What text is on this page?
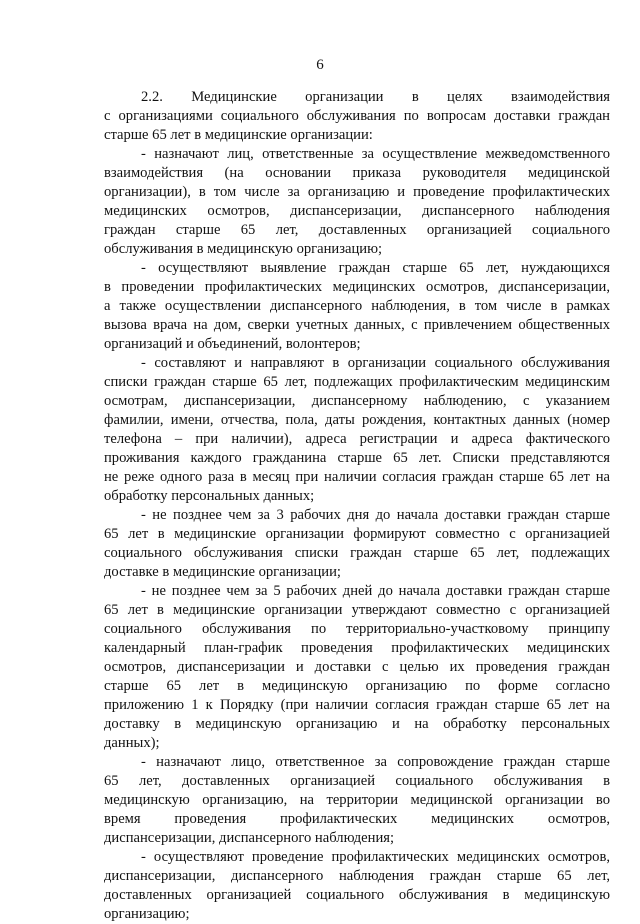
6
2.2. Медицинские организации в целях взаимодействия
с организациями социального обслуживания по вопросам доставки граждан
старше 65 лет в медицинские организации:
- назначают лиц, ответственные за осуществление межведомственного
взаимодействия (на основании приказа руководителя медицинской
организации), в том числе за организацию и проведение профилактических
медицинских осмотров, диспансеризации, диспансерного наблюдения
граждан старше 65 лет, доставленных организацией социального
обслуживания в медицинскую организацию;
- осуществляют выявление граждан старше 65 лет, нуждающихся
в проведении профилактических медицинских осмотров, диспансеризации,
а также осуществлении диспансерного наблюдения, в том числе в рамках
вызова врача на дом, сверки учетных данных, с привлечением общественных
организаций и объединений, волонтеров;
- составляют и направляют в организации социального обслуживания
списки граждан старше 65 лет, подлежащих профилактическим медицинским
осмотрам, диспансеризации, диспансерному наблюдению, с указанием
фамилии, имени, отчества, пола, даты рождения, контактных данных (номер
телефона – при наличии), адреса регистрации и адреса фактического
проживания каждого гражданина старше 65 лет. Списки представляются
не реже одного раза в месяц при наличии согласия граждан старше 65 лет на
обработку персональных данных;
- не позднее чем за 3 рабочих дня до начала доставки граждан старше
65 лет в медицинские организации формируют совместно с организацией
социального обслуживания списки граждан старше 65 лет, подлежащих
доставке в медицинские организации;
- не позднее чем за 5 рабочих дней до начала доставки граждан старше
65 лет в медицинские организации утверждают совместно с организацией
социального обслуживания по территориально-участковому принципу
календарный план-график проведения профилактических медицинских
осмотров, диспансеризации и доставки с целью их проведения граждан
старше 65 лет в медицинскую организацию по форме согласно
приложению 1 к Порядку (при наличии согласия граждан старше 65 лет на
доставку в медицинскую организацию и на обработку персональных
данных);
- назначают лицо, ответственное за сопровождение граждан старше
65 лет, доставленных организацией социального обслуживания в
медицинскую организацию, на территории медицинской организации во
время проведения профилактических медицинских осмотров,
диспансеризации, диспансерного наблюдения;
- осуществляют проведение профилактических медицинских осмотров,
диспансеризации, диспансерного наблюдения граждан старше 65 лет,
доставленных организацией социального обслуживания в медицинскую
организацию;
